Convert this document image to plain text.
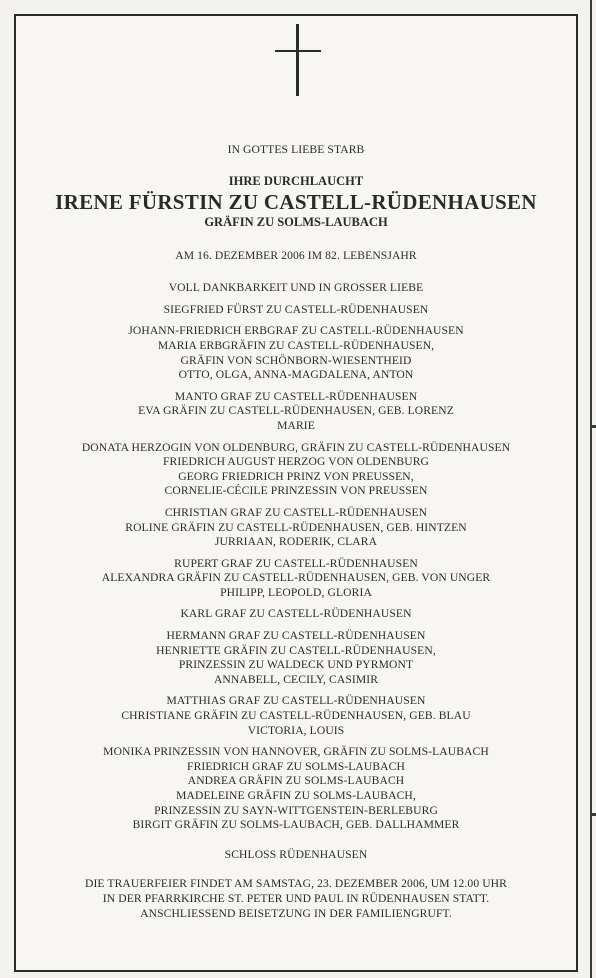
IN GOTTES LIEBE STARB
IHRE DURCHLAUCHT
IRENE FÜRSTIN ZU CASTELL-RÜDENHAUSEN
GRÄFIN ZU SOLMS-LAUBACH
AM 16. DEZEMBER 2006 IM 82. LEBENSJAHR
VOLL DANKBARKEIT UND IN GROSSER LIEBE
SIEGFRIED FÜRST ZU CASTELL-RÜDENHAUSEN
JOHANN-FRIEDRICH ERBGRAF ZU CASTELL-RÜDENHAUSEN
MARIA ERBGRÄFIN ZU CASTELL-RÜDENHAUSEN,
GRÄFIN VON SCHÖNBORN-WIESENTHEID
OTTO, OLGA, ANNA-MAGDALENA, ANTON
MANTO GRAF ZU CASTELL-RÜDENHAUSEN
EVA GRÄFIN ZU CASTELL-RÜDENHAUSEN, GEB. LORENZ
MARIE
DONATA HERZOGIN VON OLDENBURG, GRÄFIN ZU CASTELL-RÜDENHAUSEN
FRIEDRICH AUGUST HERZOG VON OLDENBURG
GEORG FRIEDRICH PRINZ VON PREUSSEN,
CORNELIE-CÉCILE PRINZESSIN VON PREUSSEN
CHRISTIAN GRAF ZU CASTELL-RÜDENHAUSEN
ROLINE GRÄFIN ZU CASTELL-RÜDENHAUSEN, GEB. HINTZEN
JURRIAAN, RODERIK, CLARA
RUPERT GRAF ZU CASTELL-RÜDENHAUSEN
ALEXANDRA GRÄFIN ZU CASTELL-RÜDENHAUSEN, GEB. VON UNGER
PHILIPP, LEOPOLD, GLORIA
KARL GRAF ZU CASTELL-RÜDENHAUSEN
HERMANN GRAF ZU CASTELL-RÜDENHAUSEN
HENRIETTE GRÄFIN ZU CASTELL-RÜDENHAUSEN,
PRINZESSIN ZU WALDECK UND PYRMONT
ANNABELL, CECILY, CASIMIR
MATTHIAS GRAF ZU CASTELL-RÜDENHAUSEN
CHRISTIANE GRÄFIN ZU CASTELL-RÜDENHAUSEN, GEB. BLAU
VICTORIA, LOUIS
MONIKA PRINZESSIN VON HANNOVER, GRÄFIN ZU SOLMS-LAUBACH
FRIEDRICH GRAF ZU SOLMS-LAUBACH
ANDREA GRÄFIN ZU SOLMS-LAUBACH
MADELEINE GRÄFIN ZU SOLMS-LAUBACH,
PRINZESSIN ZU SAYN-WITTGENSTEIN-BERLEBURG
BIRGIT GRÄFIN ZU SOLMS-LAUBACH, GEB. DALLHAMMER
SCHLOSS RÜDENHAUSEN
DIE TRAUERFEIER FINDET AM SAMSTAG, 23. DEZEMBER 2006, UM 12.00 UHR
IN DER PFARRKIRCHE ST. PETER UND PAUL IN RÜDENHAUSEN STATT.
ANSCHLIESSEND BEISETZUNG IN DER FAMILIENGRUFT.
